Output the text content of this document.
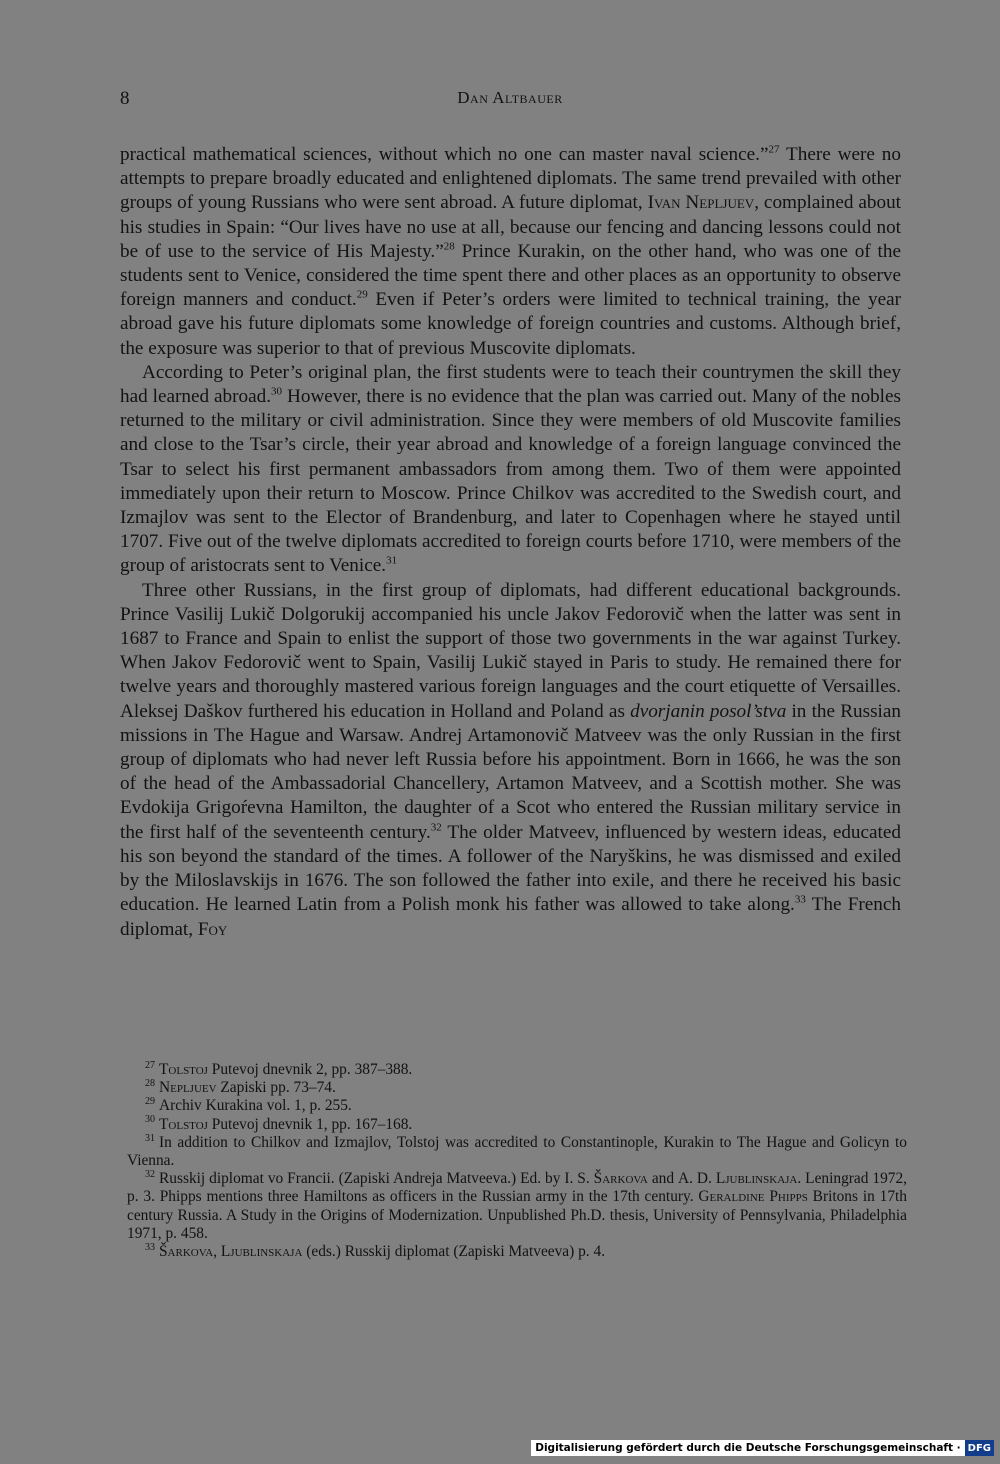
8	Dan Altbauer

practical mathematical sciences, without which no one can master naval science.”$^{27}$ There were no attempts to prepare broadly educated and enlightened diplomats. The same trend prevailed with other groups of young Russians who were sent abroad. A future diplomat, Ivan Nepljuev, complained about his studies in Spain: “Our lives have no use at all, because our fencing and dancing lessons could not be of use to the service of His Majesty.”$^{28}$ Prince Kurakin, on the other hand, who was one of the students sent to Venice, considered the time spent there and other places as an opportunity to observe foreign manners and conduct.$^{29}$ Even if Peter’s orders were limited to technical training, the year abroad gave his future diplomats some knowledge of foreign countries and customs. Although brief, the exposure was superior to that of previous Muscovite diplomats.

According to Peter’s original plan, the first students were to teach their countrymen the skill they had learned abroad.$^{30}$ However, there is no evidence that the plan was carried out. Many of the nobles returned to the military or civil administration. Since they were members of old Muscovite families and close to the Tsar’s circle, their year abroad and knowledge of a foreign language convinced the Tsar to select his first permanent ambassadors from among them. Two of them were appointed immediately upon their return to Moscow. Prince Chilkov was accredited to the Swedish court, and Izmajlov was sent to the Elector of Brandenburg, and later to Copenhagen where he stayed until 1707. Five out of the twelve diplomats accredited to foreign courts before 1710, were members of the group of aristocrats sent to Venice.$^{31}$

Three other Russians, in the first group of diplomats, had different educational backgrounds. Prince Vasilij Lukič Dolgorukij accompanied his uncle Jakov Fedorovič when the latter was sent in 1687 to France and Spain to enlist the support of those two governments in the war against Turkey. When Jakov Fedorovič went to Spain, Vasilij Lukič stayed in Paris to study. He remained there for twelve years and thoroughly mastered various foreign languages and the court etiquette of Versailles. Aleksej Daškov furthered his education in Holland and Poland as dvorjanin posol’stva in the Russian missions in The Hague and Warsaw. Andrej Artamonovič Matveev was the only Russian in the first group of diplomats who had never left Russia before his appointment. Born in 1666, he was the son of the head of the Ambassadorial Chancellery, Artamon Matveev, and a Scottish mother. She was Evdokija Grigoŕevna Hamilton, the daughter of a Scot who entered the Russian military service in the first half of the seventeenth century.$^{32}$ The older Matveev, influenced by western ideas, educated his son beyond the standard of the times. A follower of the Naryškins, he was dismissed and exiled by the Miloslavskijs in 1676. The son followed the father into exile, and there he received his basic education. He learned Latin from a Polish monk his father was allowed to take along.$^{33}$ The French diplomat, Foy

$^{27}$ Tolstoj Putevoj dnevnik 2, pp. 387–388.

$^{28}$ Nepljuev Zapiski pp. 73–74.

$^{29}$ Archiv Kurakina vol. 1, p. 255.

$^{30}$ Tolstoj Putevoj dnevnik 1, pp. 167–168.

$^{31}$ In addition to Chilkov and Izmajlov, Tolstoj was accredited to Constantinople, Kurakin to The Hague and Golicyn to Vienna.

$^{32}$ Russkij diplomat vo Francii. (Zapiski Andreja Matveeva.) Ed. by I. S. Šarkova and A. D. Ljublinskaja. Leningrad 1972, p. 3. Phipps mentions three Hamiltons as officers in the Russian army in the 17th century. Geraldine Phipps Britons in 17th century Russia. A Study in the Origins of Modernization. Unpublished Ph.D. thesis, University of Pennsylvania, Philadelphia 1971, p. 458.

$^{33}$ Šarkova, Ljublinskaja (eds.) Russkij diplomat (Zapiski Matveeva) p. 4.

Digitalisierung gefördert durch die Deutsche Forschungsgemeinschaft · DFG
